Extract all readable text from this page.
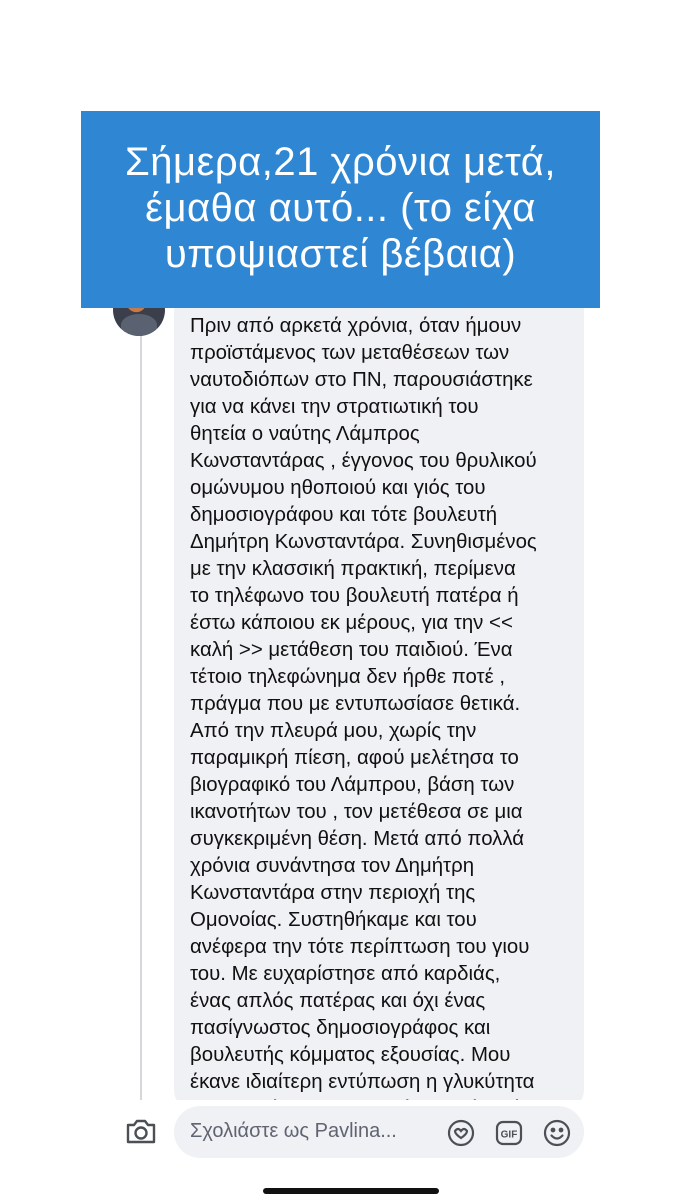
Πριν από αρκετά χρόνια, όταν ήμουν
προϊστάμενος των μεταθέσεων των
ναυτοδιόπων στο ΠΝ, παρουσιάστηκε
για να κάνει την στρατιωτική του
θητεία ο ναύτης Λάμπρος
Κωνσταντάρας , έγγονος του θρυλικού
ομώνυμου ηθοποιού και γιός του
δημοσιογράφου και τότε βουλευτή
Δημήτρη Κωνσταντάρα. Συνηθισμένος
με την κλασσική πρακτική, περίμενα
το τηλέφωνο του βουλευτή πατέρα ή
έστω κάποιου εκ μέρους, για την <<
καλή >> μετάθεση του παιδιού. Ένα
τέτοιο τηλεφώνημα δεν ήρθε ποτέ ,
πράγμα που με εντυπωσίασε θετικά.
Από την πλευρά μου, χωρίς την
παραμικρή πίεση, αφού μελέτησα το
βιογραφικό του Λάμπρου, βάση των
ικανοτήτων του , τον μετέθεσα σε μια
συγκεκριμένη θέση. Μετά από πολλά
χρόνια συνάντησα τον Δημήτρη
Κωνσταντάρα στην περιοχή της
Ομονοίας. Συστηθήκαμε και του
ανέφερα την τότε περίπτωση του γιου
του. Με ευχαρίστησε από καρδιάς,
ένας απλός πατέρας και όχι ένας
πασίγνωστος δημοσιογράφος και
βουλευτής κόμματος εξουσίας. Μου
έκανε ιδιαίτερη εντύπωση η γλυκύτητα

Σήμερα,21 χρόνια μετά,
έμαθα αυτό... (το είχα
υποψιαστεί βέβαια)

Σχολιάστε ως Pavlina...	GIF
